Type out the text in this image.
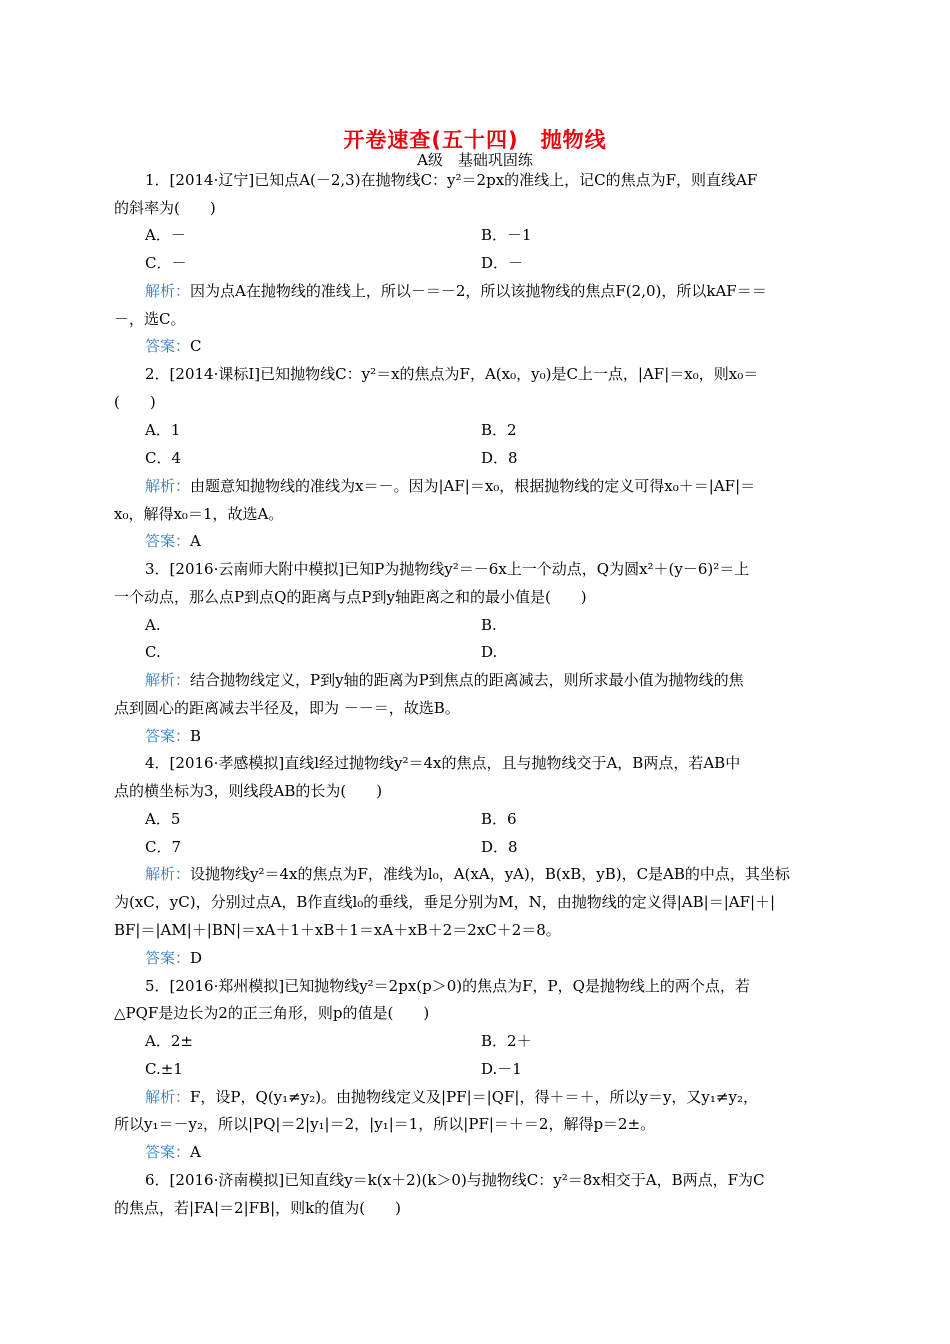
开卷速查(五十四)　抛物线
A级　基础巩固练
1．[2014·辽宁]已知点A(－2,3)在抛物线C：y²＝2px的准线上，记C的焦点为F，则直线AF
的斜率为(　　)
A．－	B．－1
C．－	D．－
解析：因为点A在抛物线的准线上，所以－＝－2，所以该抛物线的焦点F(2,0)，所以kAF＝＝
－，选C。
答案：C
2．[2014·课标Ⅰ]已知抛物线C：y²＝x的焦点为F，A(x₀，y₀)是C上一点，|AF|＝x₀，则x₀＝
(　　)
A．1	B．2
C．4	D．8
解析：由题意知抛物线的准线为x＝－。因为|AF|＝x₀，根据抛物线的定义可得x₀＋＝|AF|＝
x₀，解得x₀＝1，故选A。
答案：A
3．[2016·云南师大附中模拟]已知P为抛物线y²＝－6x上一个动点，Q为圆x²＋(y－6)²＝上
一个动点，那么点P到点Q的距离与点P到y轴距离之和的最小值是(　　)
A.	B.
C.	D.
解析：结合抛物线定义，P到y轴的距离为P到焦点的距离减去，则所求最小值为抛物线的焦
点到圆心的距离减去半径及，即为 －－＝，故选B。
答案：B
4．[2016·孝感模拟]直线l经过抛物线y²＝4x的焦点，且与抛物线交于A，B两点，若AB中
点的横坐标为3，则线段AB的长为(　　)
A．5	B．6
C．7	D．8
解析：设抛物线y²＝4x的焦点为F，准线为l₀，A(xA，yA)，B(xB，yB)，C是AB的中点，其坐标
为(xC，yC)，分别过点A，B作直线l₀的垂线，垂足分别为M，N，由抛物线的定义得|AB|＝|AF|＋|
BF|＝|AM|＋|BN|＝xA＋1＋xB＋1＝xA＋xB＋2＝2xC＋2＝8。
答案：D
5．[2016·郑州模拟]已知抛物线y²＝2px(p＞0)的焦点为F，P，Q是抛物线上的两个点，若
△PQF是边长为2的正三角形，则p的值是(　　)
A．2±	B．2＋
C.±1	D.－1
解析：F，设P，Q(y₁≠y₂)。由抛物线定义及|PF|＝|QF|，得＋＝＋，所以y＝y，又y₁≠y₂，
所以y₁＝－y₂，所以|PQ|＝2|y₁|＝2，|y₁|＝1，所以|PF|＝＋＝2，解得p＝2±。
答案：A
6．[2016·济南模拟]已知直线y＝k(x＋2)(k＞0)与抛物线C：y²＝8x相交于A，B两点，F为C
的焦点，若|FA|＝2|FB|，则k的值为(　　)
